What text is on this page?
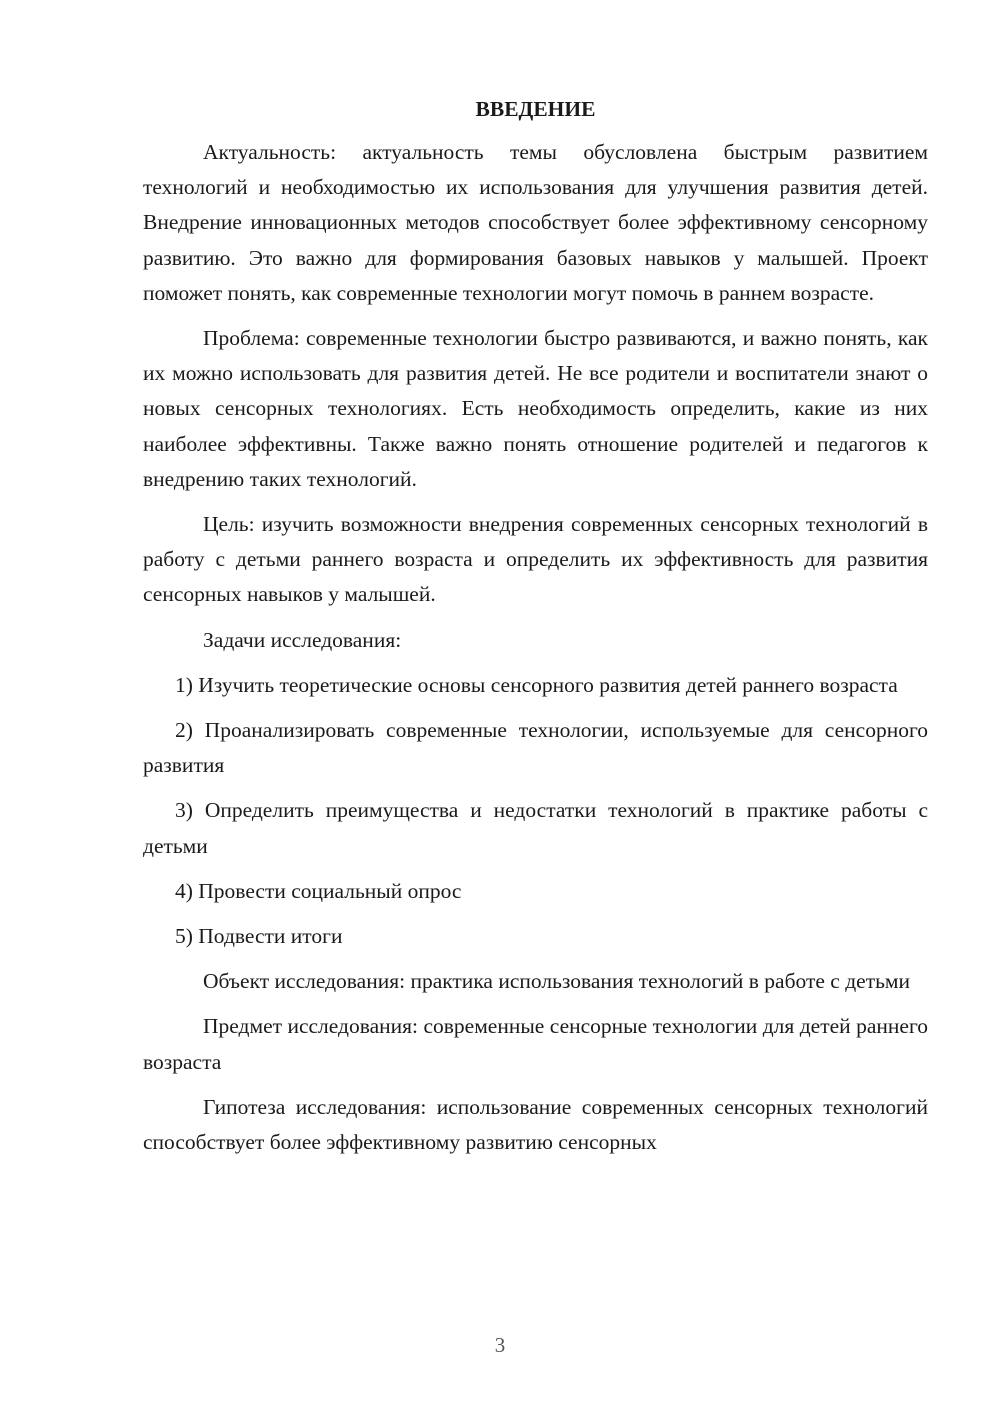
ВВЕДЕНИЕ

Актуальность: актуальность темы обусловлена быстрым развитием технологий и необходимостью их использования для улучшения развития детей. Внедрение инновационных методов способствует более эффективному сенсорному развитию. Это важно для формирования базовых навыков у малышей. Проект поможет понять, как современные технологии могут помочь в раннем возрасте.

Проблема: современные технологии быстро развиваются, и важно понять, как их можно использовать для развития детей. Не все родители и воспитатели знают о новых сенсорных технологиях. Есть необходимость определить, какие из них наиболее эффективны. Также важно понять отношение родителей и педагогов к внедрению таких технологий.

Цель: изучить возможности внедрения современных сенсорных технологий в работу с детьми раннего возраста и определить их эффективность для развития сенсорных навыков у малышей.

Задачи исследования:

1) Изучить теоретические основы сенсорного развития детей раннего возраста

2) Проанализировать современные технологии, используемые для сенсорного развития

3) Определить преимущества и недостатки технологий в практике работы с детьми

4) Провести социальный опрос

5) Подвести итоги

Объект исследования: практика использования технологий в работе с детьми

Предмет исследования: современные сенсорные технологии для детей раннего возраста

Гипотеза исследования: использование современных сенсорных технологий способствует более эффективному развитию сенсорных

3
